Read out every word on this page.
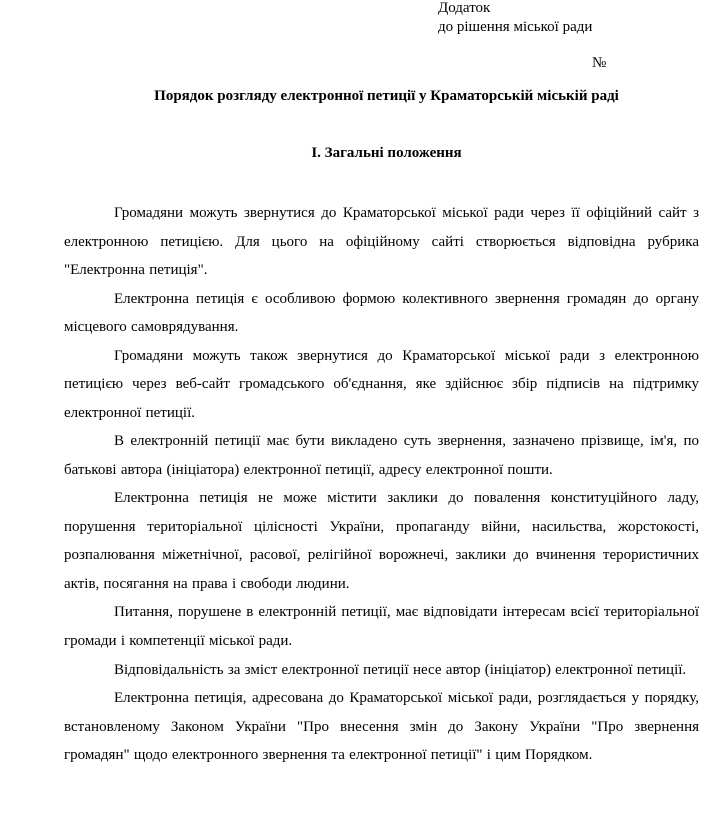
Додаток
до рішення міської ради
№
Порядок розгляду електронної петиції у Краматорській міській раді
І. Загальні положення

Громадяни можуть звернутися до Краматорської міської ради через її офіційний сайт з електронною петицією. Для цього на офіційному сайті створюється відповідна рубрика "Електронна петиція".

Електронна петиція є особливою формою колективного звернення громадян до органу місцевого самоврядування.

Громадяни можуть також звернутися до Краматорської міської ради з електронною петицією через веб-сайт громадського об'єднання, яке здійснює збір підписів на підтримку електронної петиції.

В електронній петиції має бути викладено суть звернення, зазначено прізвище, ім'я, по батькові автора (ініціатора) електронної петиції, адресу електронної пошти.

Електронна петиція не може містити заклики до повалення конституційного ладу, порушення територіальної цілісності України, пропаганду війни, насильства, жорстокості, розпалювання міжетнічної, расової, релігійної ворожнечі, заклики до вчинення терористичних актів, посягання на права і свободи людини.

Питання, порушене в електронній петиції, має відповідати інтересам всієї територіальної громади і компетенції міської ради.

Відповідальність за зміст електронної петиції несе автор (ініціатор) електронної петиції.

Електронна петиція, адресована до Краматорської міської ради, розглядається у порядку, встановленому Законом України "Про внесення змін до Закону України "Про звернення громадян" щодо електронного звернення та електронної петиції" і цим Порядком.
